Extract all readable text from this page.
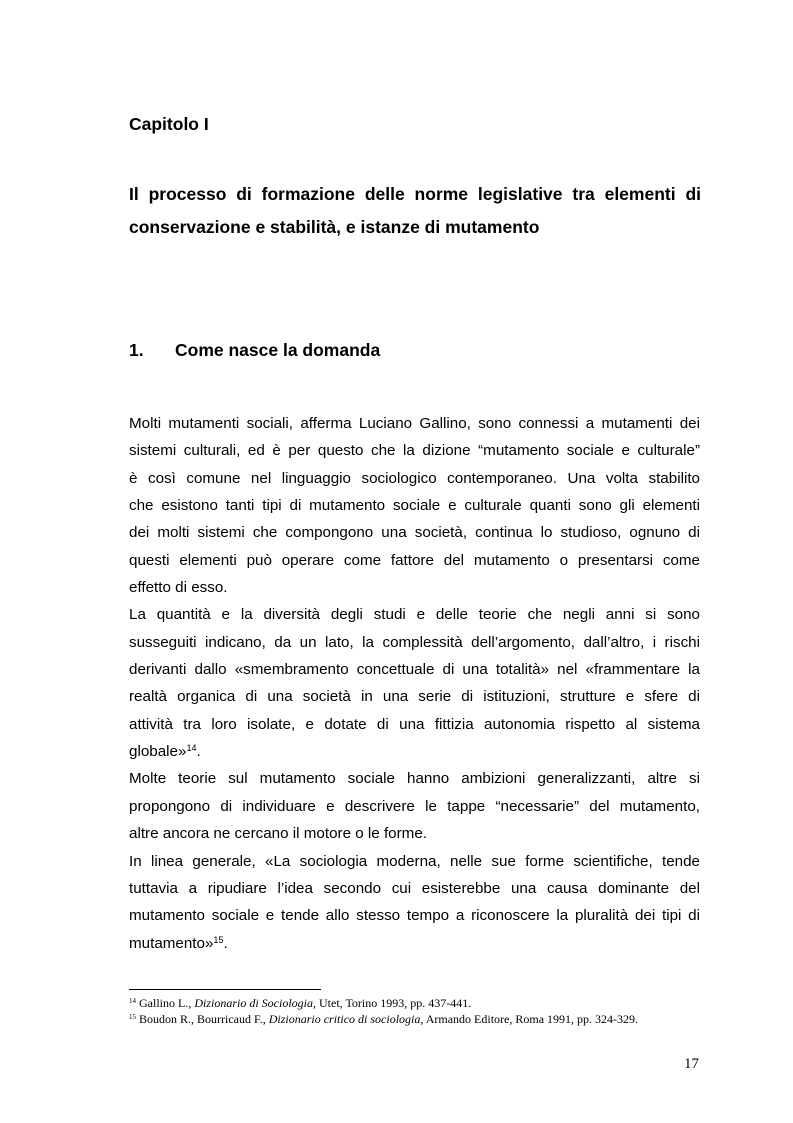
Capitolo I
Il processo di formazione delle norme legislative tra elementi di
conservazione e stabilità, e istanze di mutamento
1. Come nasce la domanda
Molti mutamenti sociali, afferma Luciano Gallino, sono connessi a mutamenti dei
sistemi culturali, ed è per questo che la dizione “mutamento sociale e culturale”
è così comune nel linguaggio sociologico contemporaneo. Una volta stabilito
che esistono tanti tipi di mutamento sociale e culturale quanti sono gli elementi
dei molti sistemi che compongono una società, continua lo studioso, ognuno di
questi elementi può operare come fattore del mutamento o presentarsi come
effetto di esso.
La quantità e la diversità degli studi e delle teorie che negli anni si sono
susseguiti indicano, da un lato, la complessità dell’argomento, dall’altro, i rischi
derivanti dallo «smembramento concettuale di una totalità» nel «frammentare la
realtà organica di una società in una serie di istituzioni, strutture e sfere di
attività tra loro isolate, e dotate di una fittizia autonomia rispetto al sistema
globale»$^{14}$.
Molte teorie sul mutamento sociale hanno ambizioni generalizzanti, altre si
propongono di individuare e descrivere le tappe “necessarie” del mutamento,
altre ancora ne cercano il motore o le forme.
In linea generale, «La sociologia moderna, nelle sue forme scientifiche, tende
tuttavia a ripudiare l’idea secondo cui esisterebbe una causa dominante del
mutamento sociale e tende allo stesso tempo a riconoscere la pluralità dei tipi di
mutamento»$^{15}$.
$^{14}$ Gallino L., Dizionario di Sociologia, Utet, Torino 1993, pp. 437-441.
$^{15}$ Boudon R., Bourricaud F., Dizionario critico di sociologia, Armando Editore, Roma 1991, pp. 324-329.
17
